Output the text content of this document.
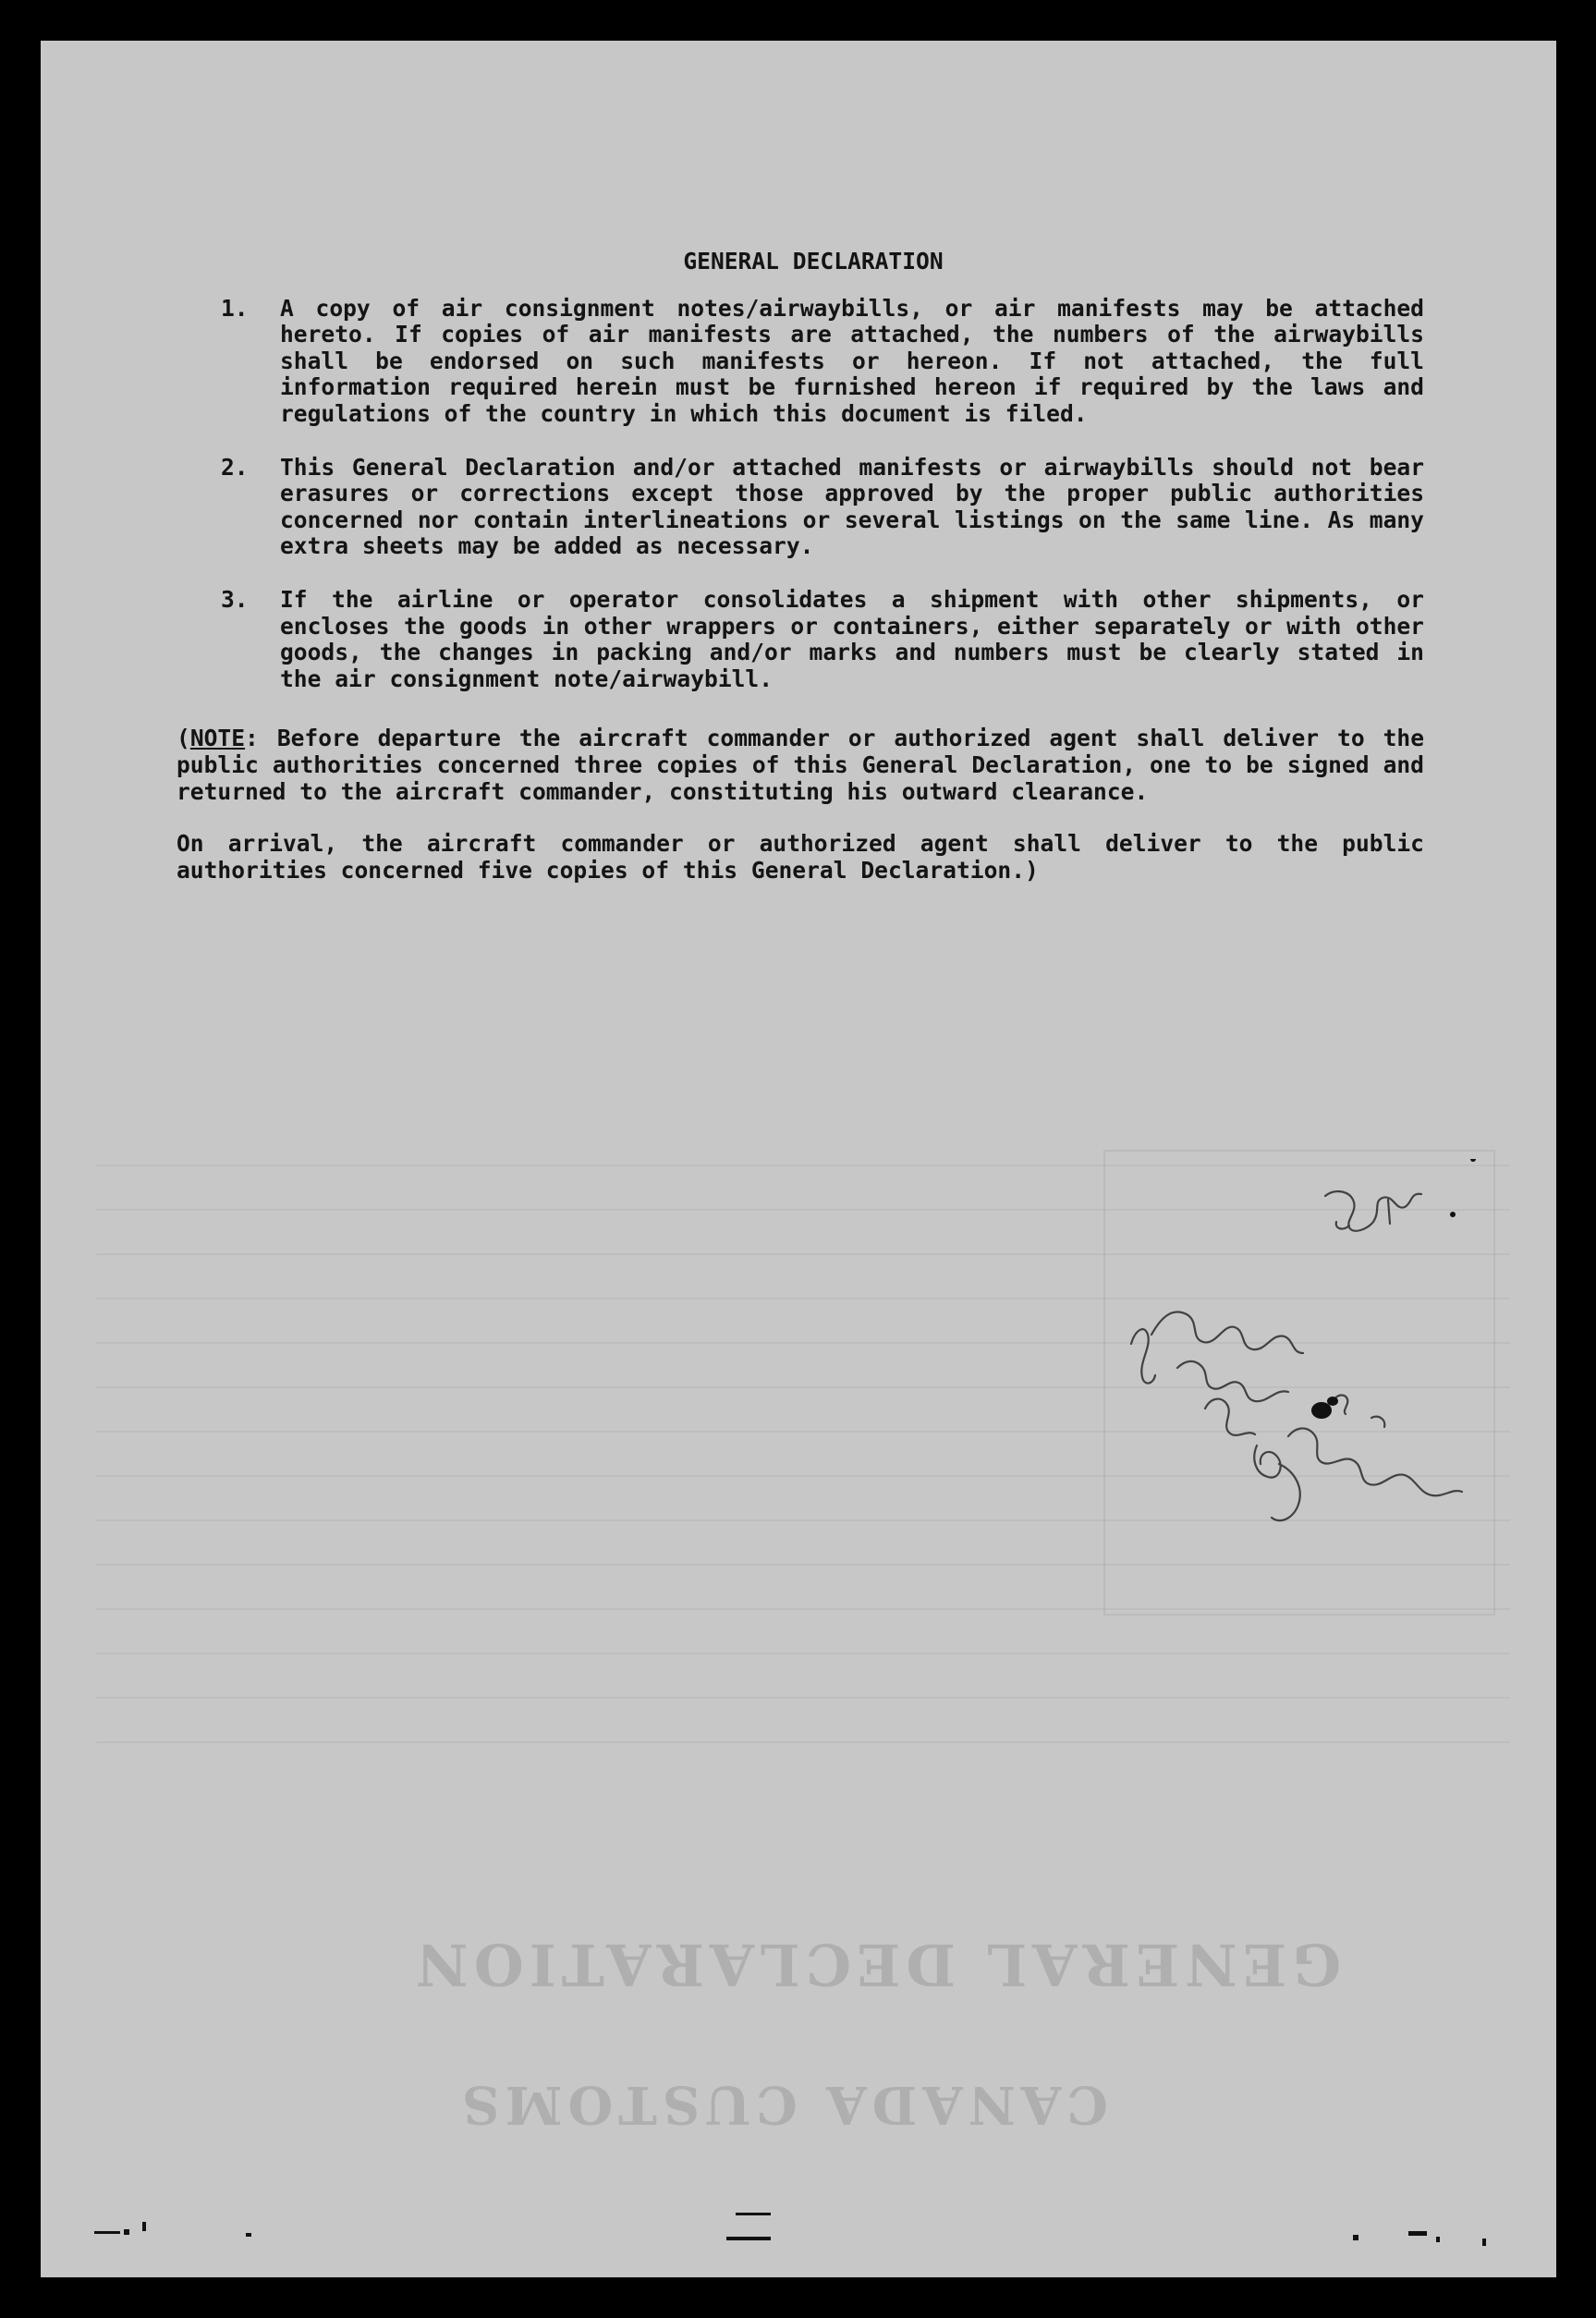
GENERAL DECLARATION
CANADA CUSTOMS
GENERAL DECLARATION
1.	A copy of air consignment notes/airwaybills, or air manifests may be attached hereto. If copies of air manifests are attached, the numbers of the airwaybills shall be endorsed on such manifests or hereon. If not attached, the full information required herein must be furnished hereon if required by the laws and regulations of the country in which this document is filed.
2.	This General Declaration and/or attached manifests or airwaybills should not bear erasures or corrections except those approved by the proper public authorities concerned nor contain interlineations or several listings on the same line. As many extra sheets may be added as necessary.
3.	If the airline or operator consolidates a shipment with other shipments, or encloses the goods in other wrappers or containers, either separately or with other goods, the changes in packing and/or marks and numbers must be clearly stated in the air consignment note/airwaybill.
(NOTE: Before departure the aircraft commander or authorized agent shall deliver to the public authorities concerned three copies of this General Declaration, one to be signed and returned to the aircraft commander, constituting his outward clearance.
On arrival, the aircraft commander or authorized agent shall deliver to the public authorities concerned five copies of this General Declaration.)
